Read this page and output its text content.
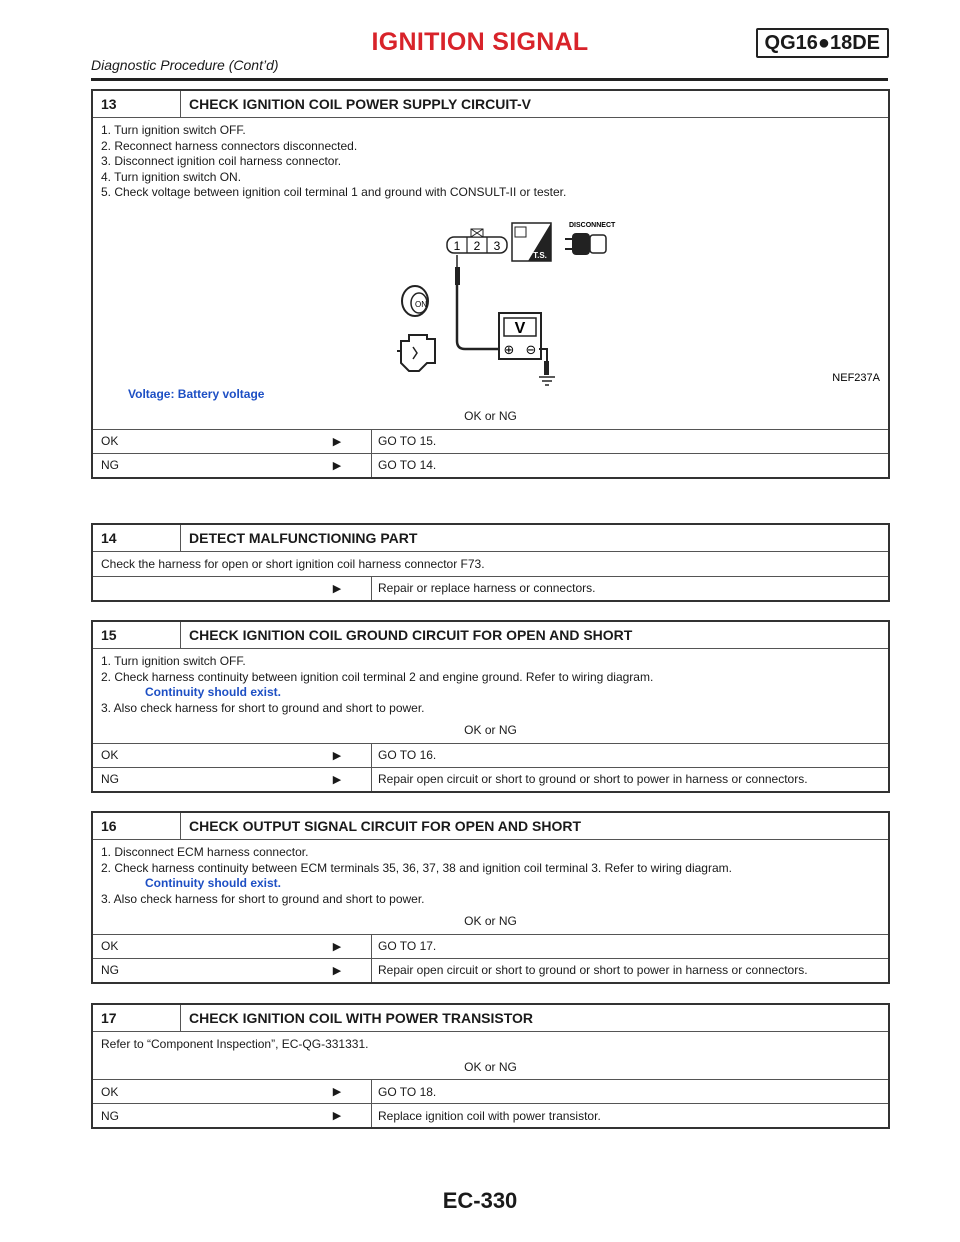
IGNITION SIGNAL	QG16●18DE
Diagnostic Procedure (Cont’d)
13	CHECK IGNITION COIL POWER SUPPLY CIRCUIT-V
1. Turn ignition switch OFF.
2. Reconnect harness connectors disconnected.
3. Disconnect ignition coil harness connector.
4. Turn ignition switch ON.
5. Check voltage between ignition coil terminal 1 and ground with CONSULT-II or tester.
1 2 3
V
⊕ ⊖
T.S.
DISCONNECT
ON
NEF237A
Voltage: Battery voltage
OK or NG
OK	▶	GO TO 15.
NG	▶	GO TO 14.
14	DETECT MALFUNCTIONING PART
Check the harness for open or short ignition coil harness connector F73.
▶	Repair or replace harness or connectors.
15	CHECK IGNITION COIL GROUND CIRCUIT FOR OPEN AND SHORT
1. Turn ignition switch OFF.
2. Check harness continuity between ignition coil terminal 2 and engine ground. Refer to wiring diagram.
Continuity should exist.
3. Also check harness for short to ground and short to power.
OK or NG
OK	▶	GO TO 16.
NG	▶	Repair open circuit or short to ground or short to power in harness or connectors.
16	CHECK OUTPUT SIGNAL CIRCUIT FOR OPEN AND SHORT
1. Disconnect ECM harness connector.
2. Check harness continuity between ECM terminals 35, 36, 37, 38 and ignition coil terminal 3. Refer to wiring diagram.
Continuity should exist.
3. Also check harness for short to ground and short to power.
OK or NG
OK	▶	GO TO 17.
NG	▶	Repair open circuit or short to ground or short to power in harness or connectors.
17	CHECK IGNITION COIL WITH POWER TRANSISTOR
Refer to “Component Inspection”, EC-QG-331331.
OK or NG
OK	▶	GO TO 18.
NG	▶	Replace ignition coil with power transistor.
EC-330
